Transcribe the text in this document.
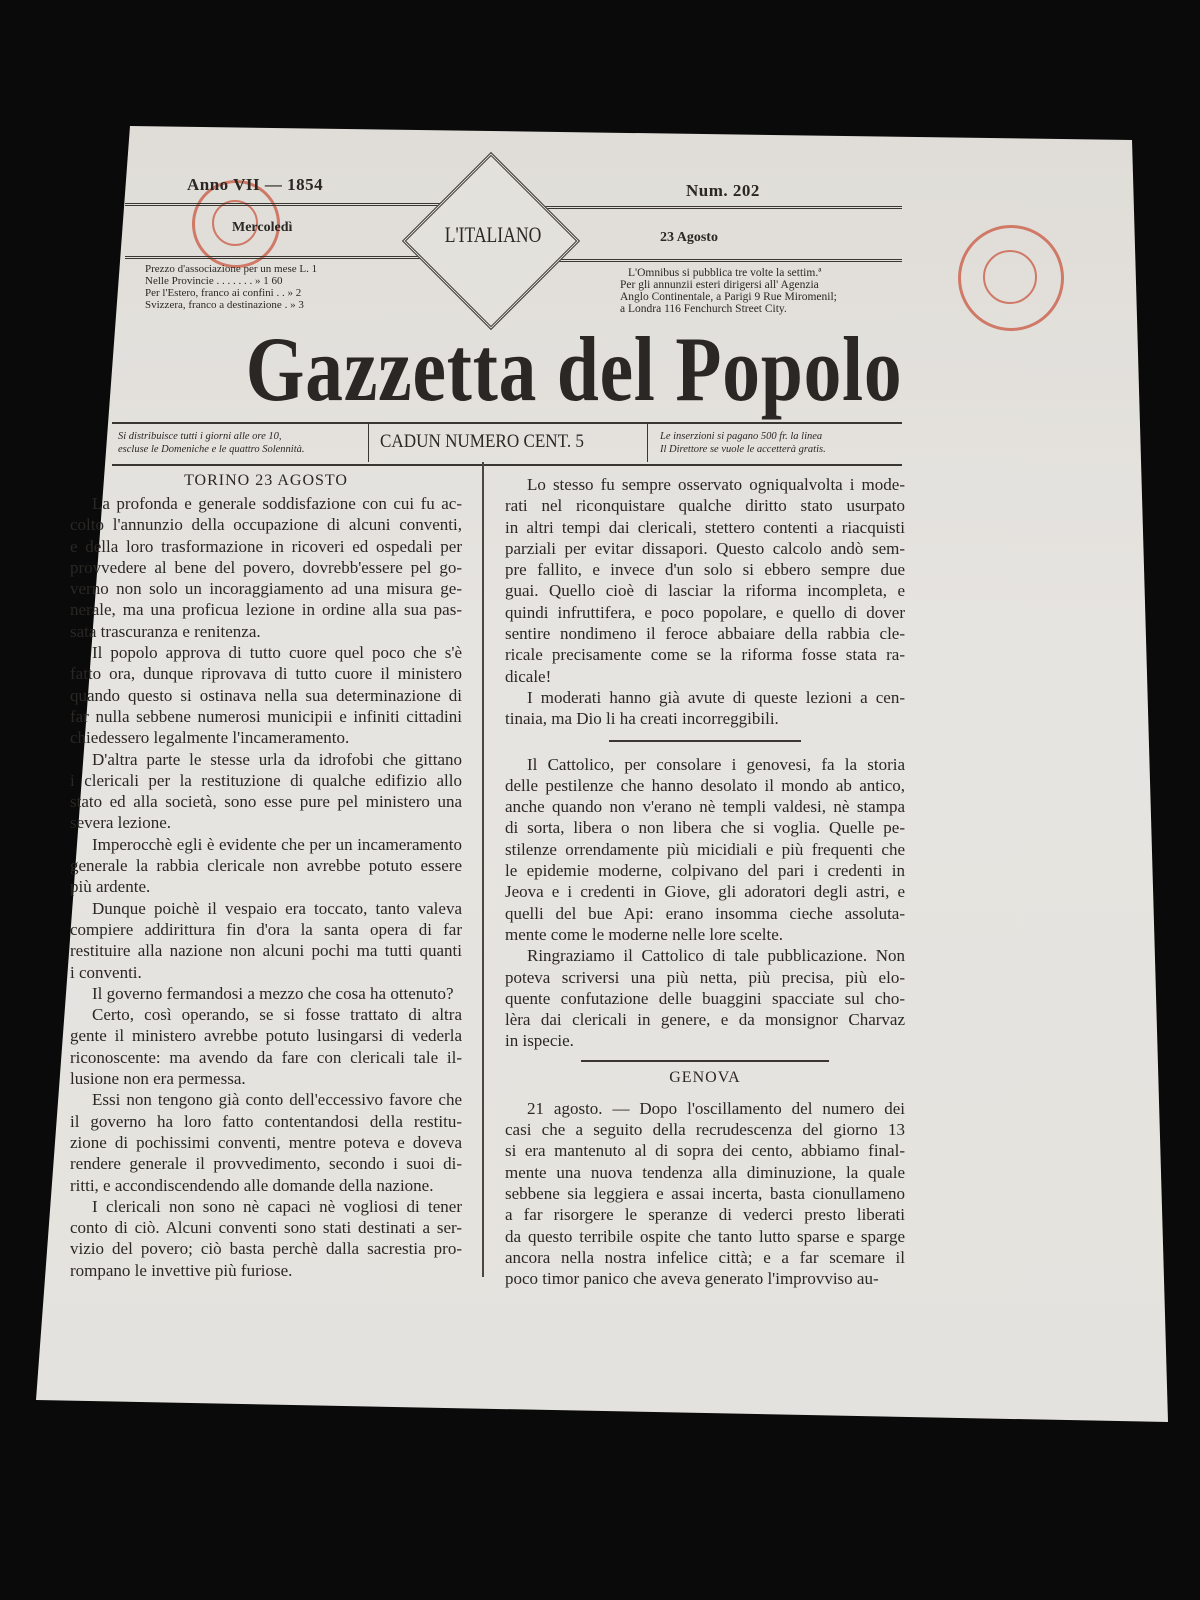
Anno VII — 1854	Num. 202
Mercoledì
23 Agosto
L'ITALIANO
Prezzo d'associazione per un mese L. 1
Nelle Provincie . . . . . . . » 1 60
Per l'Estero, franco ai confini . . » 2
Svizzera, franco a destinazione . » 3
L'Omnibus si pubblica tre volte la settim.ª
Per gli annunzii esteri dirigersi all' Agenzia
Anglo Continentale, a Parigi 9 Rue Miromenil;
a Londra 116 Fenchurch Street City.
Gazzetta del Popolo
Si distribuisce tutti i giorni alle ore 10,
escluse le Domeniche e le quattro Solennità.	CADUN NUMERO CENT. 5	Le inserzioni si pagano 500 fr. la linea
Il Direttore se vuole le accetterà gratis.
TORINO 23 AGOSTO
La profonda e generale soddisfazione con cui fu ac-
colto l'annunzio della occupazione di alcuni conventi,
e della loro trasformazione in ricoveri ed ospedali per
provvedere al bene del povero, dovrebb'essere pel go-
verno non solo un incoraggiamento ad una misura ge-
nerale, ma una proficua lezione in ordine alla sua pas-
sata trascuranza e renitenza.
Il popolo approva di tutto cuore quel poco che s'è
fatto ora, dunque riprovava di tutto cuore il ministero
quando questo si ostinava nella sua determinazione di
far nulla sebbene numerosi municipii e infiniti cittadini
chiedessero legalmente l'incameramento.
D'altra parte le stesse urla da idrofobi che gittano
i clericali per la restituzione di qualche edifizio allo
stato ed alla società, sono esse pure pel ministero una
severa lezione.
Imperocchè egli è evidente che per un incameramento
generale la rabbia clericale non avrebbe potuto essere
più ardente.
Dunque poichè il vespaio era toccato, tanto valeva
compiere addirittura fin d'ora la santa opera di far
restituire alla nazione non alcuni pochi ma tutti quanti
i conventi.
Il governo fermandosi a mezzo che cosa ha ottenuto?
Certo, così operando, se si fosse trattato di altra
gente il ministero avrebbe potuto lusingarsi di vederla
riconoscente: ma avendo da fare con clericali tale il-
lusione non era permessa.
Essi non tengono già conto dell'eccessivo favore che
il governo ha loro fatto contentandosi della restitu-
zione di pochissimi conventi, mentre poteva e doveva
rendere generale il provvedimento, secondo i suoi di-
ritti, e accondiscendendo alle domande della nazione.
I clericali non sono nè capaci nè vogliosi di tener
conto di ciò. Alcuni conventi sono stati destinati a ser-
vizio del povero; ciò basta perchè dalla sacrestia pro-
rompano le invettive più furiose.
Lo stesso fu sempre osservato ogniqualvolta i mode-
rati nel riconquistare qualche diritto stato usurpato
in altri tempi dai clericali, stettero contenti a riacquisti
parziali per evitar dissapori. Questo calcolo andò sem-
pre fallito, e invece d'un solo si ebbero sempre due
guai. Quello cioè di lasciar la riforma incompleta, e
quindi infruttifera, e poco popolare, e quello di dover
sentire nondimeno il feroce abbaiare della rabbia cle-
ricale precisamente come se la riforma fosse stata ra-
dicale!
I moderati hanno già avute di queste lezioni a cen-
tinaia, ma Dio li ha creati incorreggibili.
Il Cattolico, per consolare i genovesi, fa la storia
delle pestilenze che hanno desolato il mondo ab antico,
anche quando non v'erano nè templi valdesi, nè stampa
di sorta, libera o non libera che si voglia. Quelle pe-
stilenze orrendamente più micidiali e più frequenti che
le epidemie moderne, colpivano del pari i credenti in
Jeova e i credenti in Giove, gli adoratori degli astri, e
quelli del bue Api: erano insomma cieche assoluta-
mente come le moderne nelle lore scelte.
Ringraziamo il Cattolico di tale pubblicazione. Non
poteva scriversi una più netta, più precisa, più elo-
quente confutazione delle buaggini spacciate sul cho-
lèra dai clericali in genere, e da monsignor Charvaz
in ispecie.
GENOVA
21 agosto. — Dopo l'oscillamento del numero dei
casi che a seguito della recrudescenza del giorno 13
si era mantenuto al di sopra dei cento, abbiamo final-
mente una nuova tendenza alla diminuzione, la quale
sebbene sia leggiera e assai incerta, basta cionullameno
a far risorgere le speranze di vederci presto liberati
da questo terribile ospite che tanto lutto sparse e sparge
ancora nella nostra infelice città; e a far scemare il
poco timor panico che aveva generato l'improvviso au-
